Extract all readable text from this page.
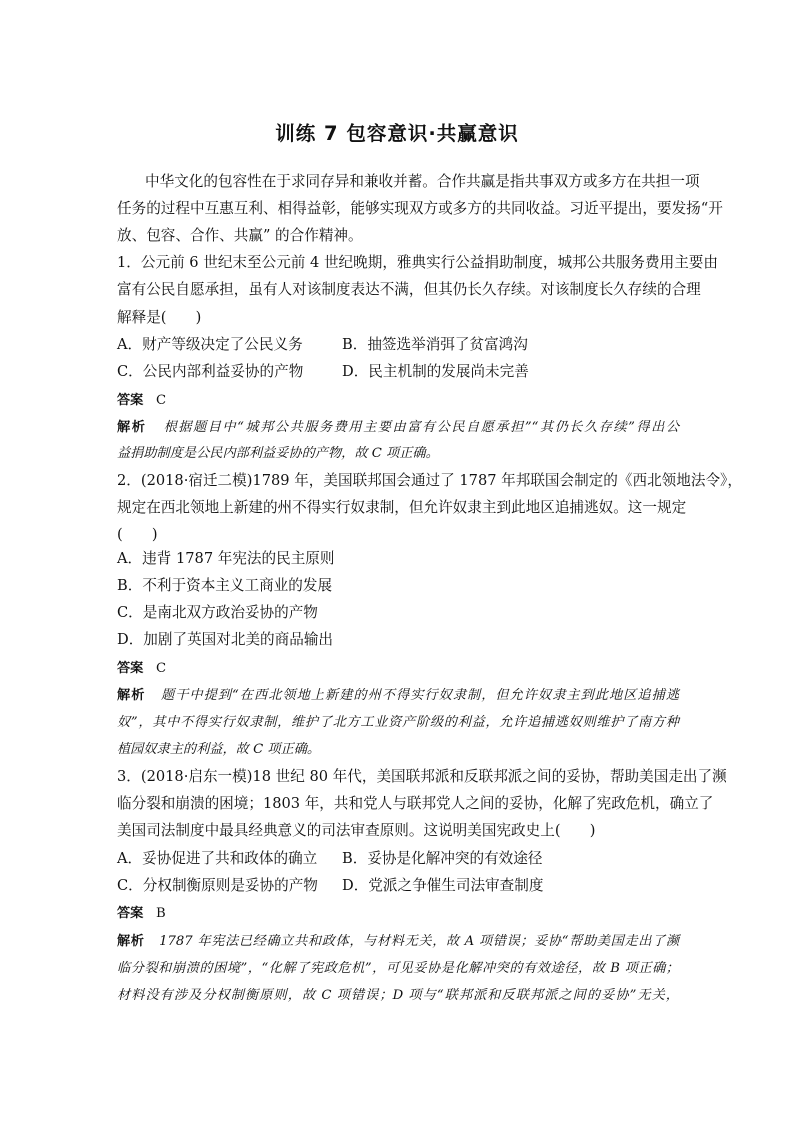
训练 7 包容意识·共赢意识
中华文化的包容性在于求同存异和兼收并蓄。合作共赢是指共事双方或多方在共担一项
任务的过程中互惠互利、相得益彰，能够实现双方或多方的共同收益。习近平提出，要发扬“开
放、包容、合作、共赢” 的合作精神。
1．公元前 6 世纪末至公元前 4 世纪晚期，雅典实行公益捐助制度，城邦公共服务费用主要由
富有公民自愿承担，虽有人对该制度表达不满，但其仍长久存续。对该制度长久存续的合理
解释是(　　)
A．财产等级决定了公民义务	B．抽签选举消弭了贫富鸿沟
C．公民内部利益妥协的产物	D．民主机制的发展尚未完善
答案 C
解析 根据题目中“城邦公共服务费用主要由富有公民自愿承担”“其仍长久存续”得出公
益捐助制度是公民内部利益妥协的产物，故 C 项正确。
2．(2018·宿迁二模)1789 年，美国联邦国会通过了 1787 年邦联国会制定的《西北领地法令》，
规定在西北领地上新建的州不得实行奴隶制，但允许奴隶主到此地区追捕逃奴。这一规定
(　　)
A．违背 1787 年宪法的民主原则
B．不利于资本主义工商业的发展
C．是南北双方政治妥协的产物
D．加剧了英国对北美的商品输出
答案 C
解析 题干中提到“在西北领地上新建的州不得实行奴隶制，但允许奴隶主到此地区追捕逃
奴”，其中不得实行奴隶制，维护了北方工业资产阶级的利益，允许追捕逃奴则维护了南方种
植园奴隶主的利益，故 C 项正确。
3．(2018·启东一模)18 世纪 80 年代，美国联邦派和反联邦派之间的妥协，帮助美国走出了濒
临分裂和崩溃的困境；1803 年，共和党人与联邦党人之间的妥协，化解了宪政危机，确立了
美国司法制度中最具经典意义的司法审查原则。这说明美国宪政史上(　　)
A．妥协促进了共和政体的确立 B．妥协是化解冲突的有效途径
C．分权制衡原则是妥协的产物 D．党派之争催生司法审查制度
答案 B
解析 1787 年宪法已经确立共和政体，与材料无关，故 A 项错误；妥协“帮助美国走出了濒
临分裂和崩溃的困境”，“化解了宪政危机”，可见妥协是化解冲突的有效途径，故 B 项正确；
材料没有涉及分权制衡原则，故 C 项错误；D 项与“联邦派和反联邦派之间的妥协”无关，
